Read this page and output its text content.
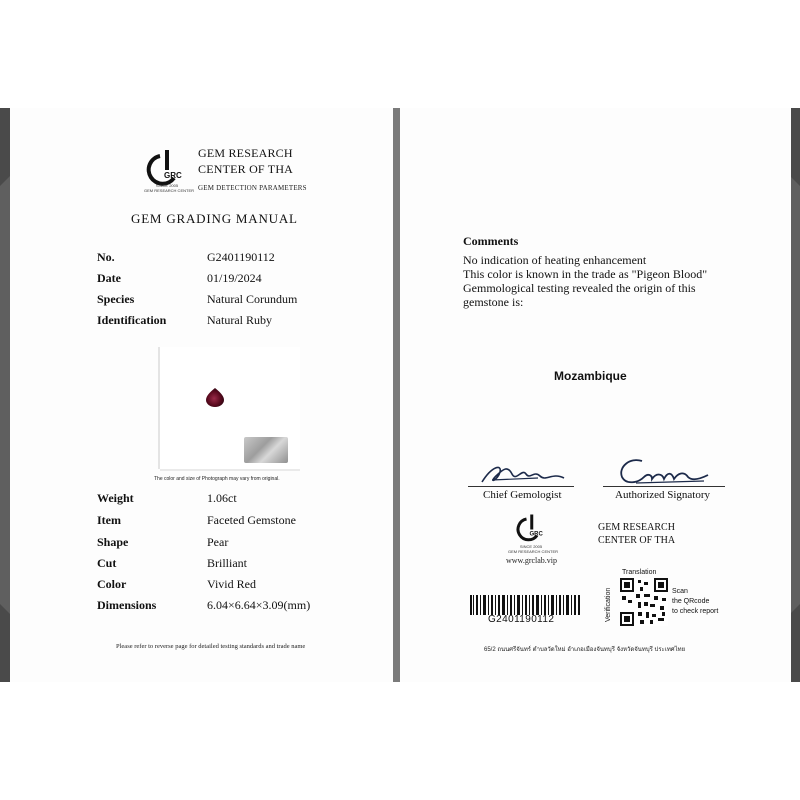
GRC
SINCE 2005
GEM RESEARCH CENTER
GEM RESEARCH
CENTER OF THA
GEM DETECTION PARAMETERS
GEM GRADING MANUAL
No.	G2401190112
Date	01/19/2024
Species	Natural Corundum
Identification	Natural Ruby
The color and size of Photograph may vary from original.
Weight	1.06ct
Item	Faceted Gemstone
Shape	Pear
Cut	Brilliant
Color	Vivid Red
Dimensions	6.04×6.64×3.09(mm)
Please refer to reverse page for detailed testing standards and trade name
Comments
No indication of heating enhancement
This color is known in the trade as "Pigeon Blood"
Gemmological testing revealed the origin of this
gemstone is:
Mozambique
Chief Gemologist	Authorized Signatory
GRC
SINCE 2005
GEM RESEARCH CENTER
www.grclab.vip
GEM RESEARCH
CENTER OF THA
G2401190112
Translation
Verification	Scan
the QRcode
to check report
65/2 ถนนศรีจันทร์ ตำบลวัดใหม่ อำเภอเมืองจันทบุรี จังหวัดจันทบุรี ประเทศไทย
